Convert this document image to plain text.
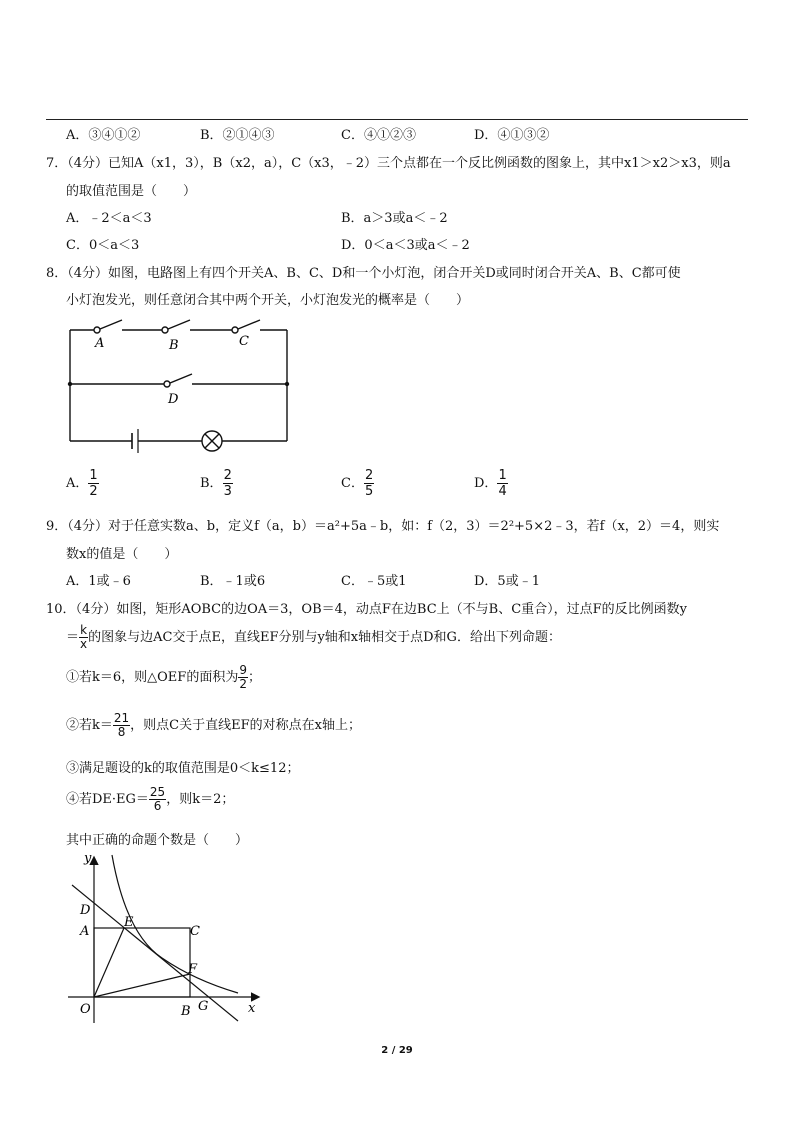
A．③④①②	B．②①④③	C．④①②③	D．④①③②
7．（4分）已知A（x1，3），B（x2，a），C（x3，﹣2）三个点都在一个反比例函数的图象上，其中x1＞x2＞x3，则a
的取值范围是（　　）
A．﹣2＜a＜3	B．a＞3或a＜﹣2
C．0＜a＜3	D．0＜a＜3或a＜﹣2
8．（4分）如图，电路图上有四个开关A、B、C、D和一个小灯泡，闭合开关D或同时闭合开关A、B、C都可使
小灯泡发光，则任意闭合其中两个开关，小灯泡发光的概率是（　　）
A	B	C
D
A． $\frac{1}{2}$	B． $\frac{2}{3}$	C． $\frac{2}{5}$	D． $\frac{1}{4}$
9．（4分）对于任意实数a、b，定义f（a，b）＝a²+5a﹣b，如：f（2，3）＝2²+5×2﹣3，若f（x，2）＝4，则实
数x的值是（　　）
A．1或﹣6	B．﹣1或6	C．﹣5或1	D．5或﹣1
10．（4分）如图，矩形AOBC的边OA＝3，OB＝4，动点F在边BC上（不与B、C重合），过点F的反比例函数y
＝ $\frac{k}{x}$ 的图象与边AC交于点E，直线EF分别与y轴和x轴相交于点D和G．给出下列命题：
①若k＝6，则△OEF的面积为 $\frac{9}{2}$ ；
②若$k= \frac{21}{8}$ ，则点C关于直线EF的对称点在x轴上；
③满足题设的k的取值范围是0＜k≤12；
④若$DE\cdot EG= \frac{25}{6}$ ，则k＝2；
其中正确的命题个数是（　　）
y
x
D
E
A	C
F
O	B G
2 / 29
